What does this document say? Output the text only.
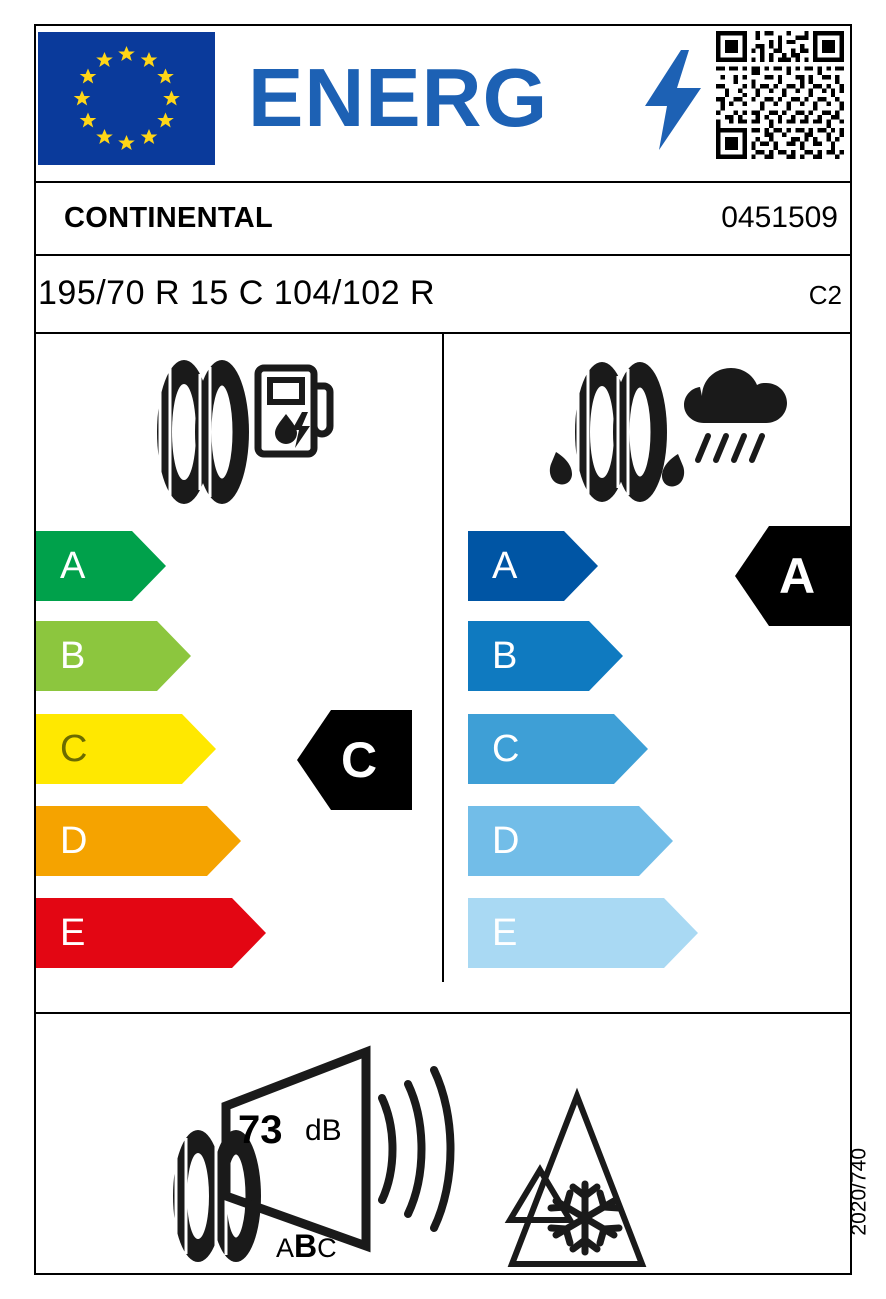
ENERG
CONTINENTAL	0451509
195/70 R 15 C 104/102 R	C2
A
B
C
D
E
C
A
B
C
D
E
A
73 dB
ABC
2020/740
